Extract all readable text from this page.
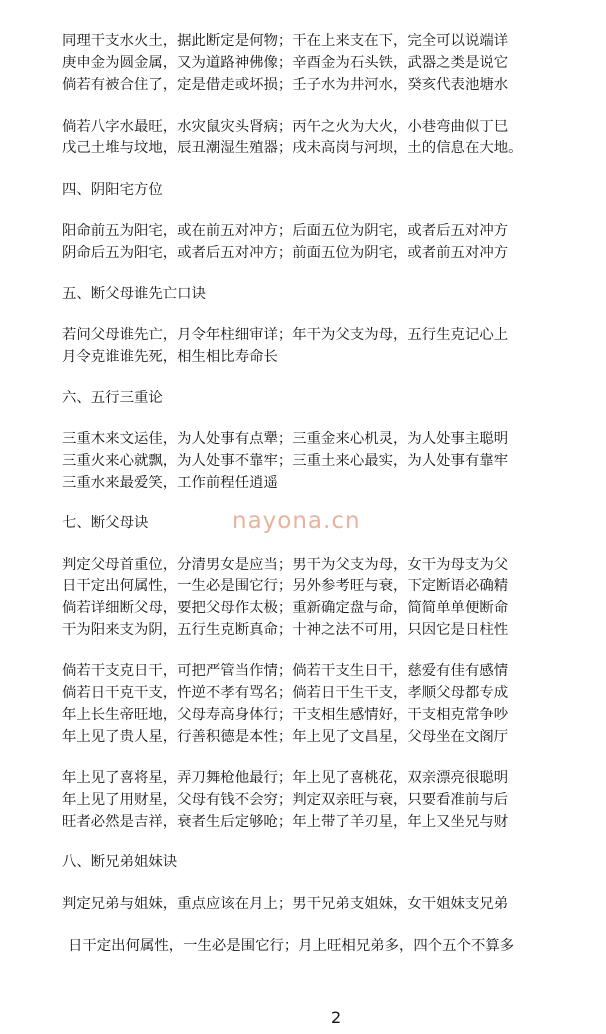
同理干支水火土，据此断定是何物；干在上来支在下，完全可以说端详
庚申金为圆金属，又为道路神佛像；辛酉金为石头铁，武器之类是说它
倘若有被合住了，定是借走或坏损；壬子水为井河水，癸亥代表池塘水
倘若八字水最旺，水灾鼠灾头肾病；丙午之火为大火，小巷弯曲似丁巳
戊己土堆与坟地，辰丑潮湿生殖器；戌未高岗与河坝，土的信息在大地。
四、阴阳宅方位
阳命前五为阳宅，或在前五对冲方；后面五位为阴宅，或者后五对冲方
阴命后五为阳宅，或者后五对冲方；前面五位为阴宅，或者前五对冲方
五、断父母谁先亡口诀
若问父母谁先亡，月令年柱细审详；年干为父支为母，五行生克记心上
月令克谁谁先死，相生相比寿命长
六、五行三重论
三重木来文运佳，为人处事有点犟；三重金来心机灵，为人处事主聪明
三重火来心就飘，为人处事不靠牢；三重土来心最实，为人处事有靠牢
三重水来最爱笑，工作前程任逍遥
七、断父母诀	nayona.cn
判定父母首重位，分清男女是应当；男干为父支为母，女干为母支为父
日干定出何属性，一生必是围它行；另外参考旺与衰，下定断语必确精
倘若详细断父母，要把父母作太极；重新确定盘与命，简简单单便断命
干为阳来支为阴，五行生克断真命；十神之法不可用，只因它是日柱性
倘若干支克日干，可把严管当作情；倘若干支生日干，慈爱有佳有感情
倘若日干克干支，忤逆不孝有骂名；倘若日干生干支，孝顺父母都专成
年上长生帝旺地，父母寿高身体行；干支相生感情好，干支相克常争吵
年上见了贵人星，行善积德是本性；年上见了文昌星，父母坐在文阁厅
年上见了喜将星，弄刀舞枪他最行；年上见了喜桃花，双亲漂亮很聪明
年上见了用财星，父母有钱不会穷；判定双亲旺与衰，只要看准前与后
旺者必然是吉祥，衰者生后定够呛；年上带了羊刃星，年上又坐兄与财
八、断兄弟姐妹诀
判定兄弟与姐妹，重点应该在月上；男干兄弟支姐妹，女干姐妹支兄弟
日干定出何属性，一生必是围它行；月上旺相兄弟多，四个五个不算多
2
